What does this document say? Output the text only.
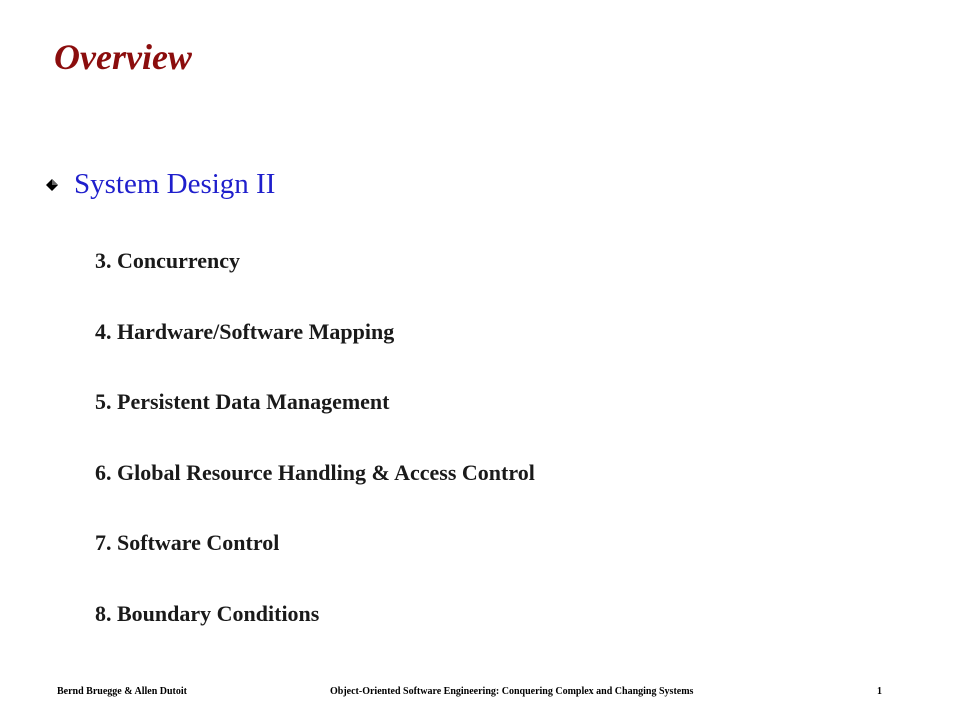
Overview
System Design II
3. Concurrency
4. Hardware/Software Mapping
5. Persistent Data Management
6. Global Resource Handling & Access Control
7. Software Control
8. Boundary Conditions
Bernd Bruegge & Allen Dutoit	Object-Oriented Software Engineering: Conquering Complex and Changing Systems	1
